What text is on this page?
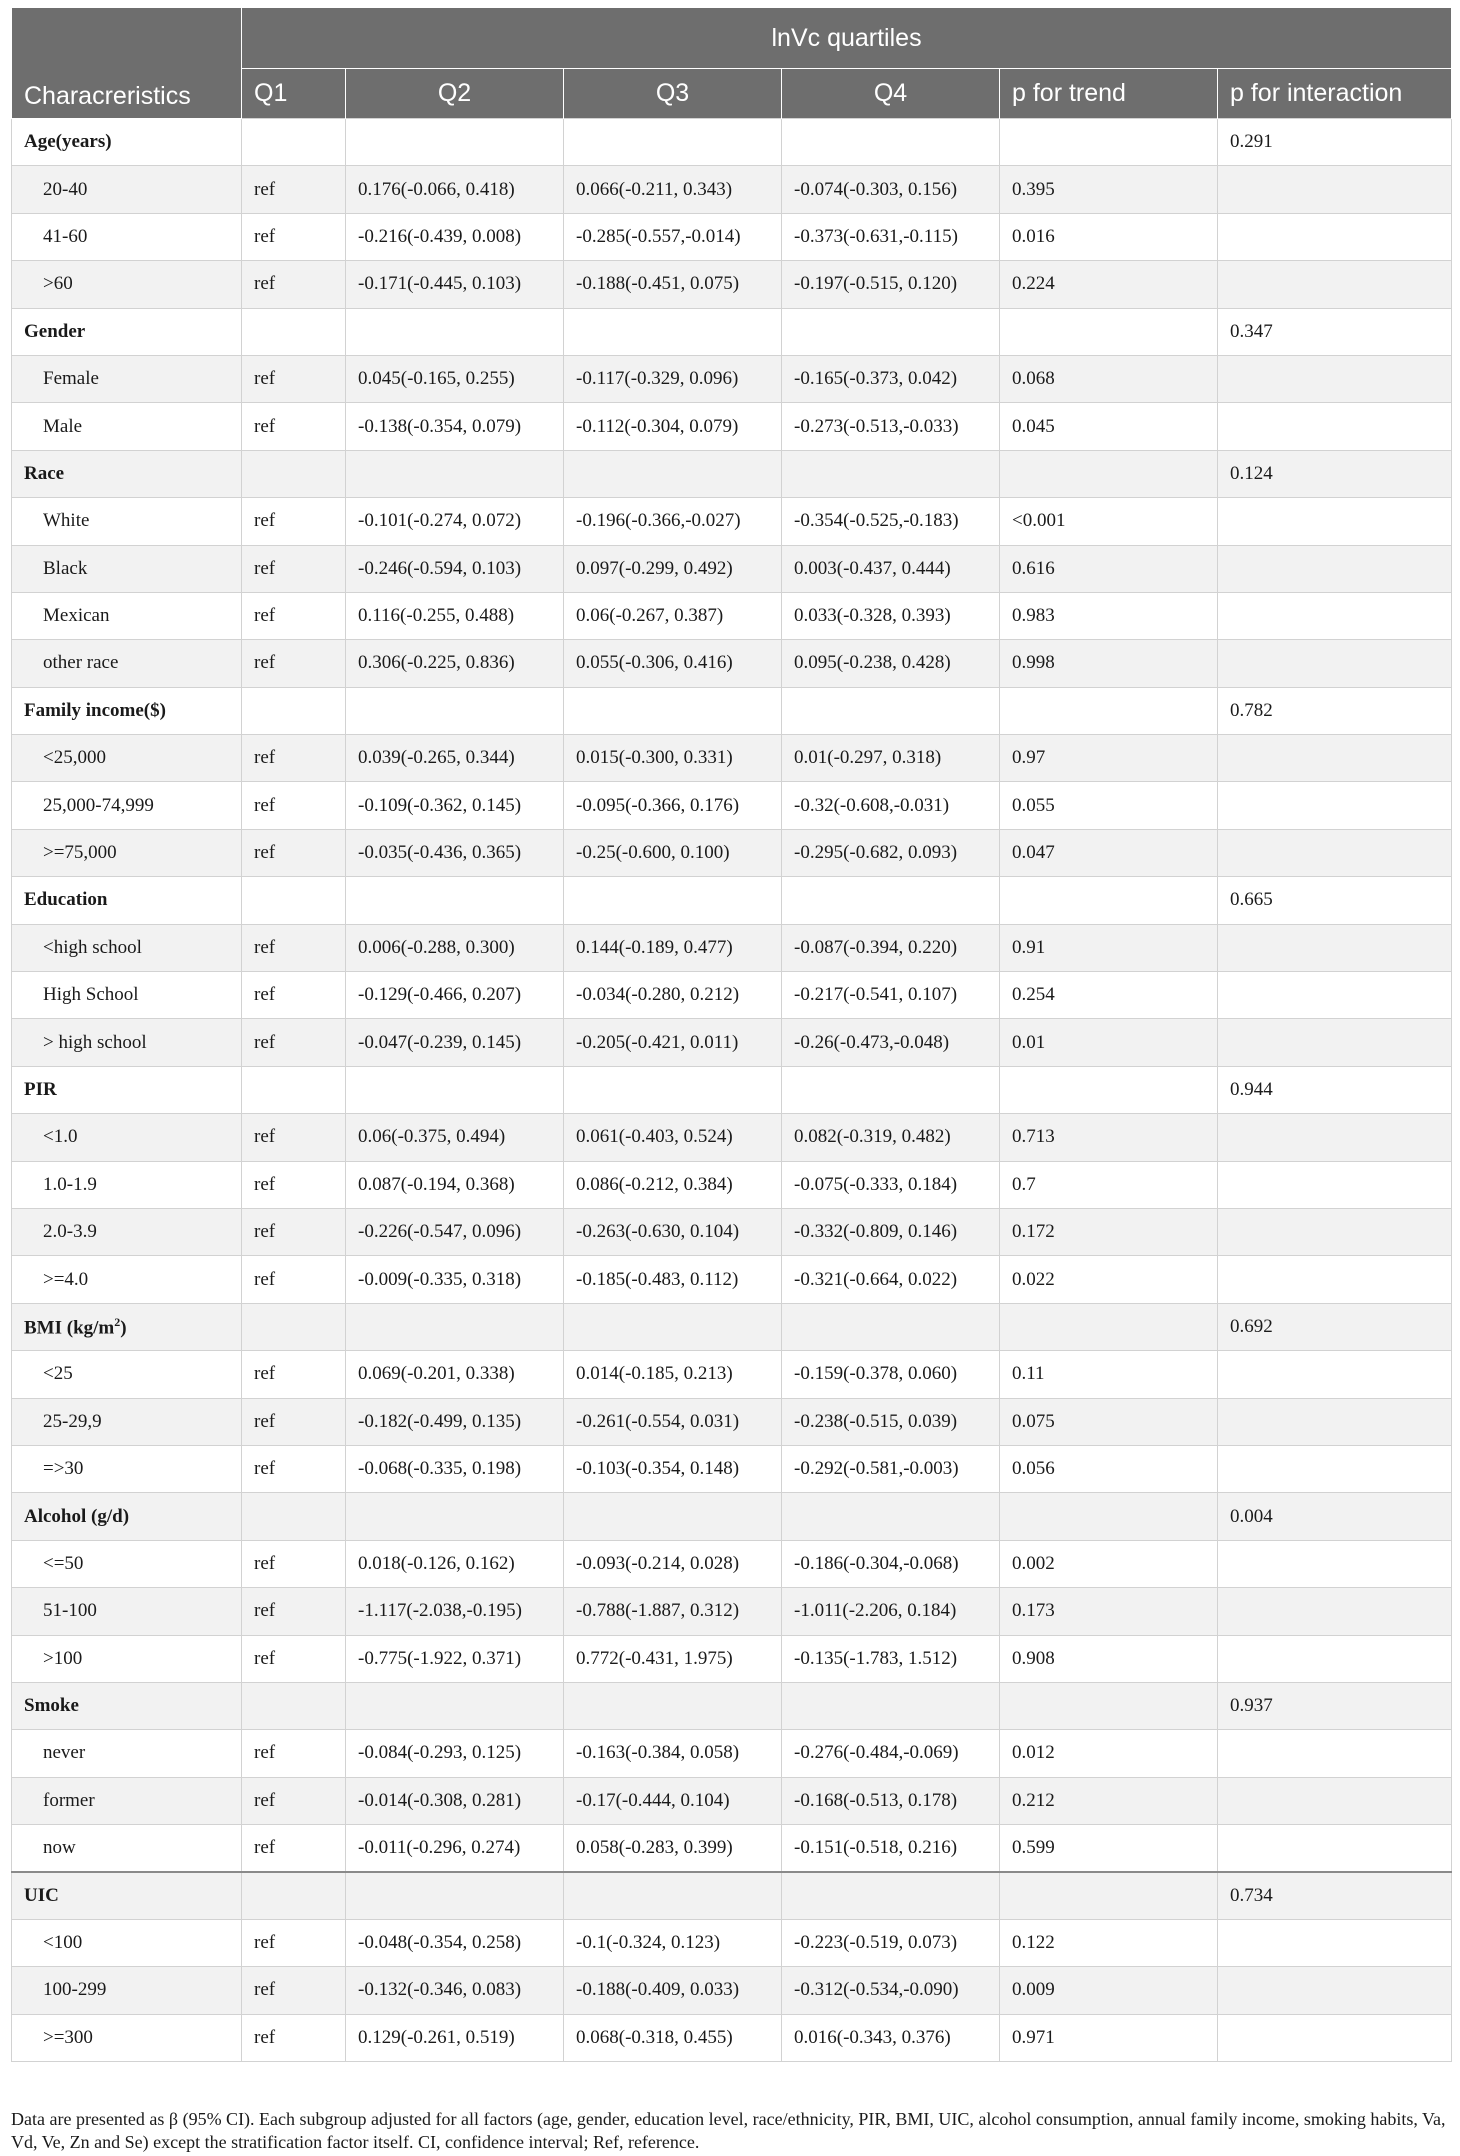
Characreristics	lnVc quartiles					
	Q1	Q2	Q3	Q4	p for trend	p for interaction
Age(years)						0.291
20-40	ref	0.176(-0.066, 0.418)	0.066(-0.211, 0.343)	-0.074(-0.303, 0.156)	0.395	
41-60	ref	-0.216(-0.439, 0.008)	-0.285(-0.557,-0.014)	-0.373(-0.631,-0.115)	0.016	
>60	ref	-0.171(-0.445, 0.103)	-0.188(-0.451, 0.075)	-0.197(-0.515, 0.120)	0.224	
Gender						0.347
Female	ref	0.045(-0.165, 0.255)	-0.117(-0.329, 0.096)	-0.165(-0.373, 0.042)	0.068	
Male	ref	-0.138(-0.354, 0.079)	-0.112(-0.304, 0.079)	-0.273(-0.513,-0.033)	0.045	
Race						0.124
White	ref	-0.101(-0.274, 0.072)	-0.196(-0.366,-0.027)	-0.354(-0.525,-0.183)	<0.001	
Black	ref	-0.246(-0.594, 0.103)	0.097(-0.299, 0.492)	0.003(-0.437, 0.444)	0.616	
Mexican	ref	0.116(-0.255, 0.488)	0.06(-0.267, 0.387)	0.033(-0.328, 0.393)	0.983	
other race	ref	0.306(-0.225, 0.836)	0.055(-0.306, 0.416)	0.095(-0.238, 0.428)	0.998	
Family income($)						0.782
<25,000	ref	0.039(-0.265, 0.344)	0.015(-0.300, 0.331)	0.01(-0.297, 0.318)	0.97	
25,000-74,999	ref	-0.109(-0.362, 0.145)	-0.095(-0.366, 0.176)	-0.32(-0.608,-0.031)	0.055	
>=75,000	ref	-0.035(-0.436, 0.365)	-0.25(-0.600, 0.100)	-0.295(-0.682, 0.093)	0.047	
Education						0.665
<high school	ref	0.006(-0.288, 0.300)	0.144(-0.189, 0.477)	-0.087(-0.394, 0.220)	0.91	
High School	ref	-0.129(-0.466, 0.207)	-0.034(-0.280, 0.212)	-0.217(-0.541, 0.107)	0.254	
> high school	ref	-0.047(-0.239, 0.145)	-0.205(-0.421, 0.011)	-0.26(-0.473,-0.048)	0.01	
PIR						0.944
<1.0	ref	0.06(-0.375, 0.494)	0.061(-0.403, 0.524)	0.082(-0.319, 0.482)	0.713	
1.0-1.9	ref	0.087(-0.194, 0.368)	0.086(-0.212, 0.384)	-0.075(-0.333, 0.184)	0.7	
2.0-3.9	ref	-0.226(-0.547, 0.096)	-0.263(-0.630, 0.104)	-0.332(-0.809, 0.146)	0.172	
>=4.0	ref	-0.009(-0.335, 0.318)	-0.185(-0.483, 0.112)	-0.321(-0.664, 0.022)	0.022	
BMI $(kg/m^2)$						0.692
<25	ref	0.069(-0.201, 0.338)	0.014(-0.185, 0.213)	-0.159(-0.378, 0.060)	0.11	
25-29,9	ref	-0.182(-0.499, 0.135)	-0.261(-0.554, 0.031)	-0.238(-0.515, 0.039)	0.075	
=>30	ref	-0.068(-0.335, 0.198)	-0.103(-0.354, 0.148)	-0.292(-0.581,-0.003)	0.056	
Alcohol (g/d)						0.004
<=50	ref	0.018(-0.126, 0.162)	-0.093(-0.214, 0.028)	-0.186(-0.304,-0.068)	0.002	
51-100	ref	-1.117(-2.038,-0.195)	-0.788(-1.887, 0.312)	-1.011(-2.206, 0.184)	0.173	
>100	ref	-0.775(-1.922, 0.371)	0.772(-0.431, 1.975)	-0.135(-1.783, 1.512)	0.908	
Smoke						0.937
never	ref	-0.084(-0.293, 0.125)	-0.163(-0.384, 0.058)	-0.276(-0.484,-0.069)	0.012	
former	ref	-0.014(-0.308, 0.281)	-0.17(-0.444, 0.104)	-0.168(-0.513, 0.178)	0.212	
now	ref	-0.011(-0.296, 0.274)	0.058(-0.283, 0.399)	-0.151(-0.518, 0.216)	0.599	
UIC						0.734
<100	ref	-0.048(-0.354, 0.258)	-0.1(-0.324, 0.123)	-0.223(-0.519, 0.073)	0.122	
100-299	ref	-0.132(-0.346, 0.083)	-0.188(-0.409, 0.033)	-0.312(-0.534,-0.090)	0.009	
>=300	ref	0.129(-0.261, 0.519)	0.068(-0.318, 0.455)	0.016(-0.343, 0.376)	0.971	
Data are presented as β (95% CI). Each subgroup adjusted for all factors (age, gender, education level, race/ethnicity, PIR, BMI, UIC, alcohol consumption, annual family income, smoking habits, Va, Vd, Ve, Zn and Se) except the stratification factor itself. CI, confidence interval; Ref, reference.
